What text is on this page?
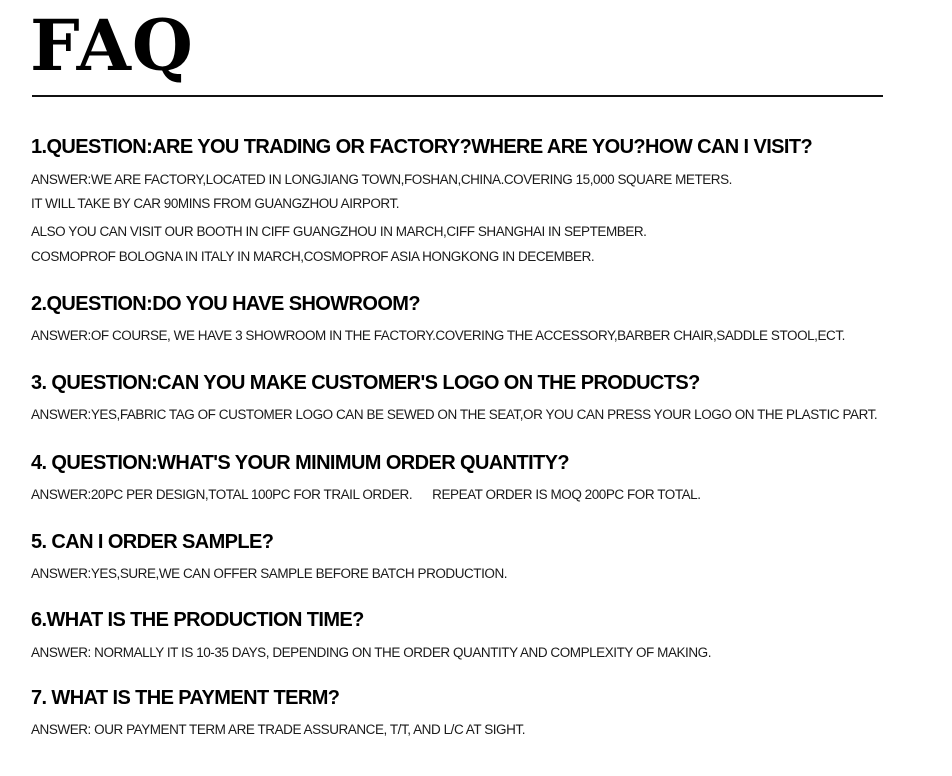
FAQ
1.QUESTION:ARE YOU TRADING OR FACTORY?WHERE ARE YOU?HOW CAN I VISIT?
ANSWER:WE ARE FACTORY,LOCATED IN LONGJIANG TOWN,FOSHAN,CHINA.COVERING 15,000 SQUARE METERS.
IT WILL TAKE BY CAR 90MINS FROM GUANGZHOU AIRPORT.
ALSO YOU CAN VISIT OUR BOOTH IN CIFF GUANGZHOU IN MARCH,CIFF SHANGHAI IN SEPTEMBER.
COSMOPROF BOLOGNA IN ITALY IN MARCH,COSMOPROF ASIA HONGKONG IN DECEMBER.
2.QUESTION:DO YOU HAVE SHOWROOM?
ANSWER:OF COURSE, WE HAVE 3 SHOWROOM IN THE FACTORY.COVERING THE ACCESSORY,BARBER CHAIR,SADDLE STOOL,ECT.
3. QUESTION:CAN YOU MAKE CUSTOMER'S LOGO ON THE PRODUCTS?
ANSWER:YES,FABRIC TAG OF CUSTOMER LOGO CAN BE SEWED ON THE SEAT,OR YOU CAN PRESS YOUR LOGO ON THE PLASTIC PART.
4. QUESTION:WHAT'S YOUR MINIMUM ORDER QUANTITY?
ANSWER:20PC PER DESIGN,TOTAL 100PC FOR TRAIL ORDER. REPEAT ORDER IS MOQ 200PC FOR TOTAL.
5. CAN I ORDER SAMPLE?
ANSWER:YES,SURE,WE CAN OFFER SAMPLE BEFORE BATCH PRODUCTION.
6.WHAT IS THE PRODUCTION TIME?
ANSWER: NORMALLY IT IS 10-35 DAYS, DEPENDING ON THE ORDER QUANTITY AND COMPLEXITY OF MAKING.
7. WHAT IS THE PAYMENT TERM?
ANSWER: OUR PAYMENT TERM ARE TRADE ASSURANCE, T/T, AND L/C AT SIGHT.
